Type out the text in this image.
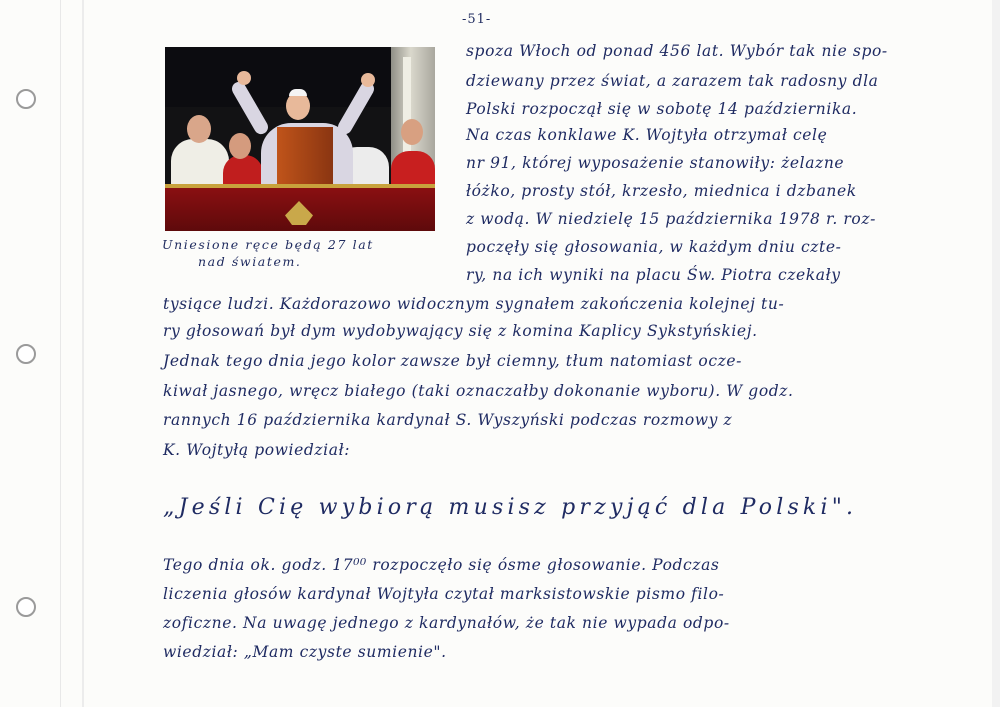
-51-
Uniesione ręce będą 27 lat
nad światem.
spoza Włoch od ponad 456 lat. Wybór tak nie spo-
dziewany przez świat, a zarazem tak radosny dla
Polski rozpoczął się w sobotę 14 października.
Na czas konklawe K. Wojtyła otrzymał celę
nr 91, której wyposażenie stanowiły: żelazne
łóżko, prosty stół, krzesło, miednica i dzbanek
z wodą. W niedzielę 15 października 1978 r. roz-
poczęły się głosowania, w każdym dniu czte-
ry, na ich wyniki na placu Św. Piotra czekały
tysiące ludzi. Każdorazowo widocznym sygnałem zakończenia kolejnej tu-
ry głosowań był dym wydobywający się z komina Kaplicy Sykstyńskiej.
Jednak tego dnia jego kolor zawsze był ciemny, tłum natomiast ocze-
kiwał jasnego, wręcz białego (taki oznaczałby dokonanie wyboru). W godz.
rannych 16 października kardynał S. Wyszyński podczas rozmowy z
K. Wojtyłą powiedział:
„Jeśli Cię wybiorą musisz przyjąć dla Polski".
Tego dnia ok. godz. 17⁰⁰ rozpoczęło się ósme głosowanie. Podczas
liczenia głosów kardynał Wojtyła czytał marksistowskie pismo filo-
zoficzne. Na uwagę jednego z kardynałów, że tak nie wypada odpo-
wiedział: „Mam czyste sumienie".
